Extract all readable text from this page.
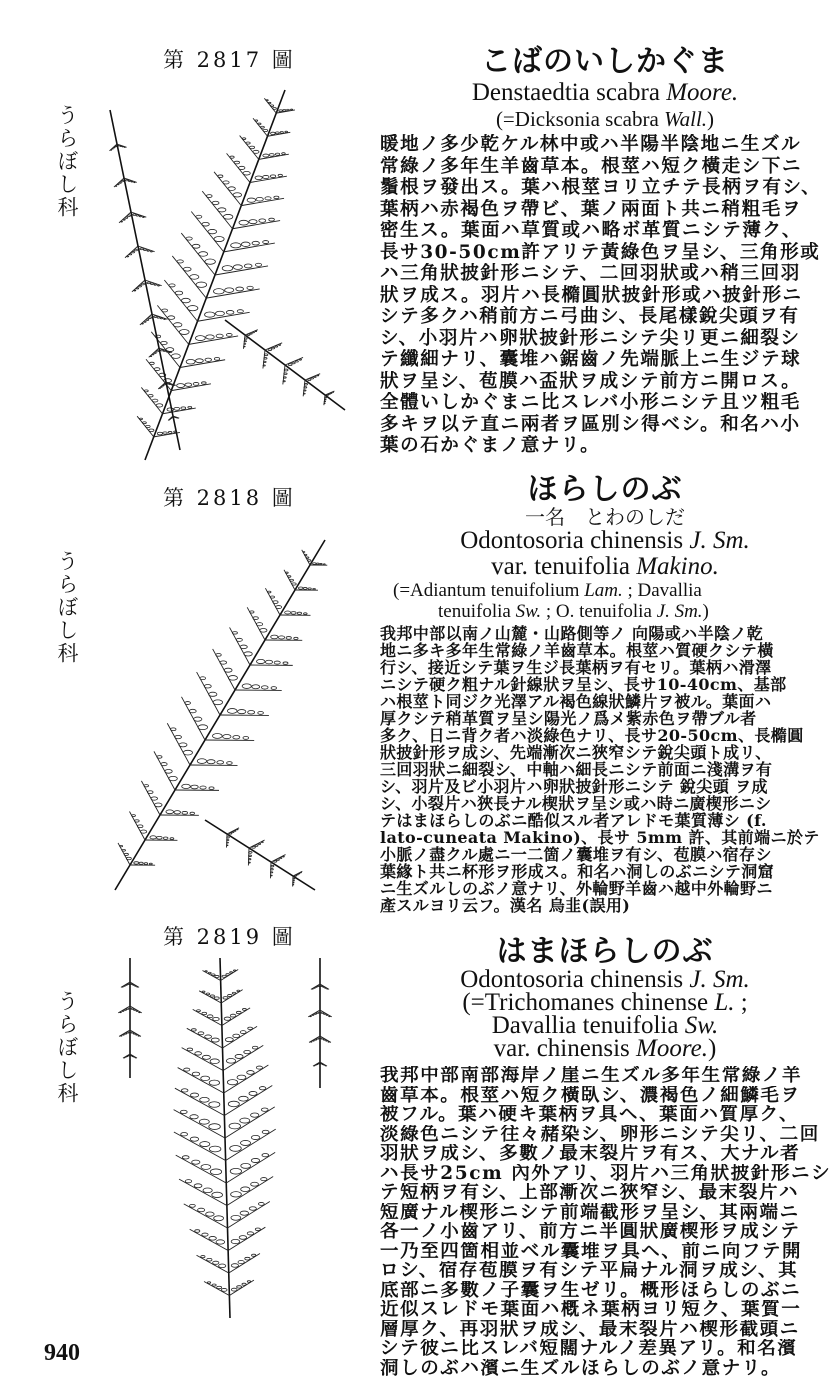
第 2817 圖
うらぼし科
こばのいしかぐま
Denstaedtia scabra Moore.
(=Dicksonia scabra Wall.)
暖地ノ多少乾ケル林中或ハ半陽半陰地ニ生ズル
常綠ノ多年生羊齒草本。根莖ハ短ク橫走シ下ニ
鬚根ヲ發出ス。葉ハ根莖ヨリ立チテ長柄ヲ有シ、
葉柄ハ赤褐色ヲ帶ビ、葉ノ兩面ト共ニ稍粗毛ヲ
密生ス。葉面ハ草質或ハ略ボ革質ニシテ薄ク、
長サ30-50cm許アリテ黃綠色ヲ呈シ、三角形或
ハ三角狀披針形ニシテ、二回羽狀或ハ稍三回羽
狀ヲ成ス。羽片ハ長橢圓狀披針形或ハ披針形ニ
シテ多クハ稍前方ニ弓曲シ、長尾樣銳尖頭ヲ有
シ、小羽片ハ卵狀披針形ニシテ尖リ更ニ細裂シ
テ纖細ナリ、囊堆ハ鋸齒ノ先端脈上ニ生ジテ球
狀ヲ呈シ、苞膜ハ盃狀ヲ成シテ前方ニ開ロス。
全體いしかぐまニ比スレバ小形ニシテ且ツ粗毛
多キヲ以テ直ニ兩者ヲ區別シ得ベシ。和名ハ小
葉の石かぐまノ意ナリ。
第 2818 圖
うらぼし科
ほらしのぶ
一名　とわのしだ
Odontosoria chinensis J. Sm.
var. tenuifolia Makino.
(=Adiantum tenuifolium Lam. ; Davallia
tenuifolia Sw. ; O. tenuifolia J. Sm.)
我邦中部以南ノ山麓・山路側等ノ 向陽或ハ半陰ノ乾
地ニ多キ多年生常綠ノ羊齒草本。根莖ハ質硬クシテ橫
行シ、接近シテ葉ヲ生ジ長葉柄ヲ有セリ。葉柄ハ滑澤
ニシテ硬ク粗ナル針線狀ヲ呈シ、長サ10-40cm、基部
ハ根莖ト同ジク光澤アル褐色線狀鱗片ヲ被ル。葉面ハ
厚クシテ稍革質ヲ呈シ陽光ノ爲メ紫赤色ヲ帶ブル者
多ク、日ニ背ク者ハ淡綠色ナリ、長サ20-50cm、長橢圓
狀披針形ヲ成シ、先端漸次ニ狹窄シテ銳尖頭ト成リ、
三回羽狀ニ細裂シ、中軸ハ細長ニシテ前面ニ淺溝ヲ有
シ、羽片及ビ小羽片ハ卵狀披針形ニシテ 銳尖頭 ヲ成
シ、小裂片ハ狹長ナル楔狀ヲ呈シ或ハ時ニ廣楔形ニシ
テはまほらしのぶニ酷似スル者アレドモ葉質薄シ (f.
lato-cuneata Makino)、長サ 5mm 許、其前端ニ於テ
小脈ノ盡クル處ニ一二箇ノ囊堆ヲ有シ、苞膜ハ宿存シ
葉緣ト共ニ杯形ヲ形成ス。和名ハ洞しのぶニシテ洞窟
ニ生ズルしのぶノ意ナリ、外輪野羊齒ハ越中外輪野ニ
產スルヨリ云フ。漢名 烏韭(誤用)
第 2819 圖
うらぼし科
はまほらしのぶ
Odontosoria chinensis J. Sm.
(=Trichomanes chinense L. ;
Davallia tenuifolia Sw.
var. chinensis Moore.)
我邦中部南部海岸ノ崖ニ生ズル多年生常綠ノ羊
齒草本。根莖ハ短ク橫臥シ、濃褐色ノ細鱗毛ヲ
被フル。葉ハ硬キ葉柄ヲ具ヘ、葉面ハ質厚ク、
淡綠色ニシテ往々赭染シ、卵形ニシテ尖リ、二回
羽狀ヲ成シ、多數ノ最末裂片ヲ有ス、大ナル者
ハ長サ25cm 內外アリ、羽片ハ三角狀披針形ニシ
テ短柄ヲ有シ、上部漸次ニ狹窄シ、最末裂片ハ
短廣ナル楔形ニシテ前端截形ヲ呈シ、其兩端ニ
各一ノ小齒アリ、前方ニ半圓狀廣楔形ヲ成シテ
一乃至四箇相並ベル囊堆ヲ具ヘ、前ニ向フテ開
ロシ、宿存苞膜ヲ有シテ平扁ナル洞ヲ成シ、其
底部ニ多數ノ子囊ヲ生ゼリ。概形ほらしのぶニ
近似スレドモ葉面ハ槪ネ葉柄ヨリ短ク、葉質一
層厚ク、再羽狀ヲ成シ、最末裂片ハ楔形截頭ニ
シテ彼ニ比スレバ短闊ナルノ差異アリ。和名濱
洞しのぶハ濱ニ生ズルほらしのぶノ意ナリ。
940
